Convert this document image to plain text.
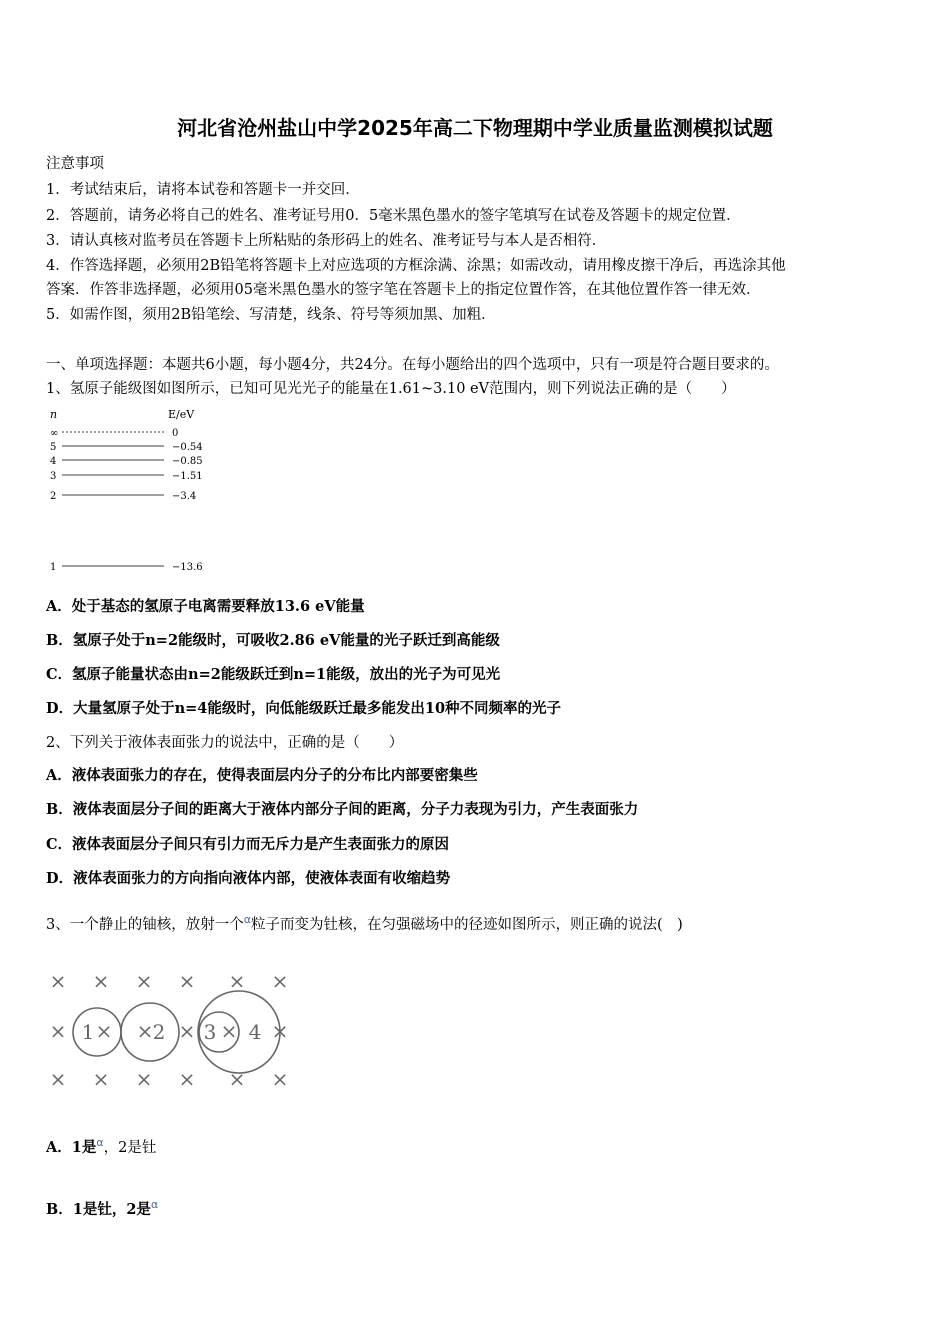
河北省沧州盐山中学2025年高二下物理期中学业质量监测模拟试题
注意事项
1．考试结束后，请将本试卷和答题卡一并交回．
2．答题前，请务必将自己的姓名、准考证号用0．5毫米黑色墨水的签字笔填写在试卷及答题卡的规定位置．
3．请认真核对监考员在答题卡上所粘贴的条形码上的姓名、准考证号与本人是否相符．
4．作答选择题，必须用2B铅笔将答题卡上对应选项的方框涂满、涂黑；如需改动，请用橡皮擦干净后，再选涂其他
答案．作答非选择题，必须用05毫米黑色墨水的签字笔在答题卡上的指定位置作答，在其他位置作答一律无效．
5．如需作图，须用2B铅笔绘、写清楚，线条、符号等须加黑、加粗．
一、单项选择题：本题共6小题，每小题4分，共24分。在每小题给出的四个选项中，只有一项是符合题目要求的。
1、氢原子能级图如图所示，已知可见光光子的能量在1.61~3.10 eV范围内，则下列说法正确的是（　　）
n	E/eV
∞	0
5	−0.54
4	−0.85
3	−1.51
2	−3.4
1	−13.6
A．处于基态的氢原子电离需要释放13.6 eV能量
B．氢原子处于n=2能级时，可吸收2.86 eV能量的光子跃迁到高能级
C．氢原子能量状态由n=2能级跃迁到n=1能级，放出的光子为可见光
D．大量氢原子处于n=4能级时，向低能级跃迁最多能发出10种不同频率的光子
2、下列关于液体表面张力的说法中，正确的是（　　）
A．液体表面张力的存在，使得表面层内分子的分布比内部要密集些
B．液体表面层分子间的距离大于液体内部分子间的距离，分子力表现为引力，产生表面张力
C．液体表面层分子间只有引力而无斥力是产生表面张力的原因
D．液体表面张力的方向指向液体内部，使液体表面有收缩趋势
3、一个静止的铀核，放射一个$^\alpha$粒子而变为钍核，在匀强磁场中的径迹如图所示，则正确的说法(　)
× × × × × ×
× × × × × ×
× × × × × ×
1	2 3 4
A．1是$^\alpha$，2是钍
B．1是钍，2是$^\alpha$
